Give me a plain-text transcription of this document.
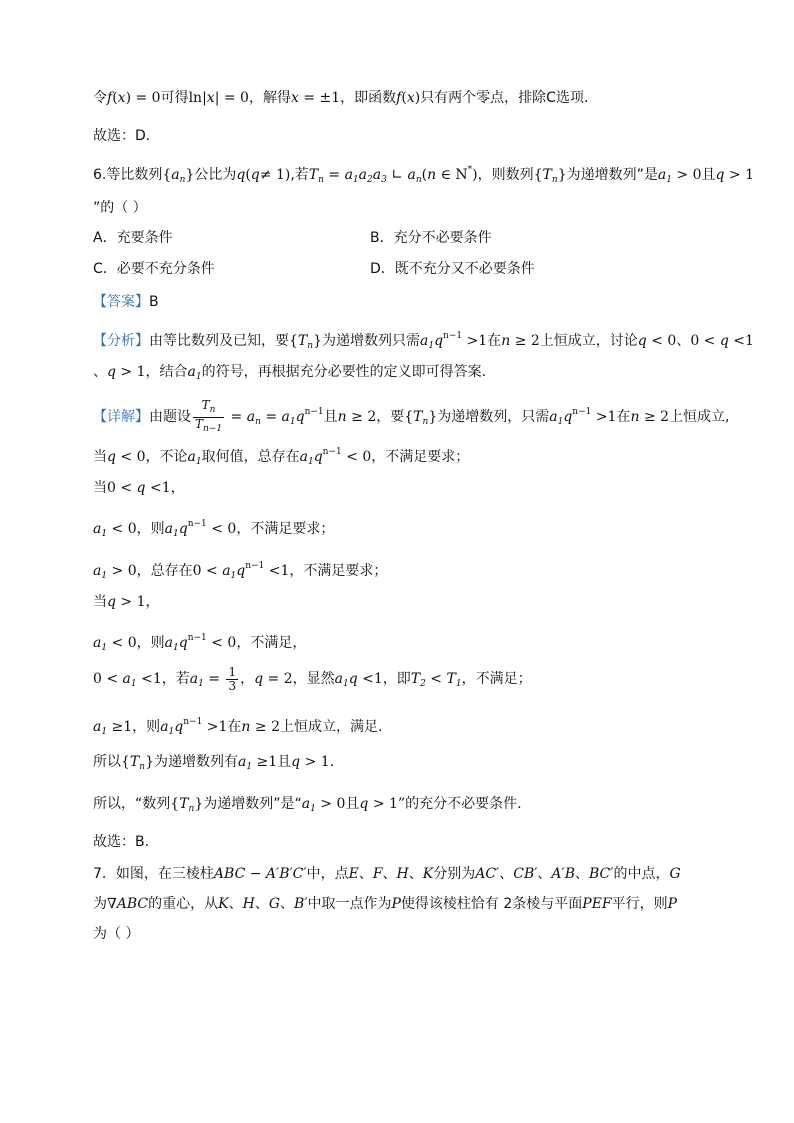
令f(x) = 0可得ln|x| = 0，解得x = ±1，即函数f(x)只有两个零点，排除C选项.
故选：D.
6.等比数列$\{a_n\}$公比为q(q≠ 1),若$T_n = a_1a_2a_3$ ∟ $a_n(n$ ∈ N*)，则数列$\{T_n\}$为递增数列”是$a_1 > 0$且q > 1
”的（ ）
A．充要条件	B．充分不必要条件
C．必要不充分条件	D．既不充分又不必要条件
【答案】B
【分析】由等比数列及已知，要$\{T_n\}$为递增数列只需$a_1q^{n-1} >1$在n ≥ 2上恒成立，讨论q < 0、0 < q <1
、q > 1，结合$a_1$的符号，再根据充分必要性的定义即可得答案.
【详解】由题设 $\frac{T_n}{T_{n-1}} = a_n = a_1q^{n-1}$且n ≥ 2，要$\{T_n\}$为递增数列，只需$a_1q^{n-1} >1$在n ≥ 2上恒成立,
当q < 0，不论$a_1$取何值，总存在$a_1q^{n-1} < 0$，不满足要求；
当0 < q <1，
$a_1 < 0$，则$a_1q^{n-1} < 0$，不满足要求；
$a_1 > 0$，总存在$0 < a_1q^{n-1} <1$，不满足要求；
当q > 1，
$a_1 < 0$，则$a_1q^{n-1} < 0$，不满足，
$0 < a_1 <1$，若$a_1 = \frac{1}{3}$ ，q = 2，显然$a_1q <1$，即$T_2 < T_1$，不满足；
$a_1 \ge 1$，则$a_1q^{n-1} >1$在n ≥ 2上恒成立，满足.
所以$\{T_n\}$为递增数列有$a_1 \ge 1$且q > 1.
所以，“数列$\{T_n\}$为递增数列”是“$a_1 > 0$且q > 1”的充分不必要条件.
故选：B.
7．如图，在三棱柱ABC − A′B′C′中，点E、F、H、K分别为AC′、CB′、A′B、BC′的中点，G
为∇ABC的重心，从K、H、G、B′中取一点作为P使得该棱柱恰有 2条棱与平面PEF平行，则P
为（ ）
